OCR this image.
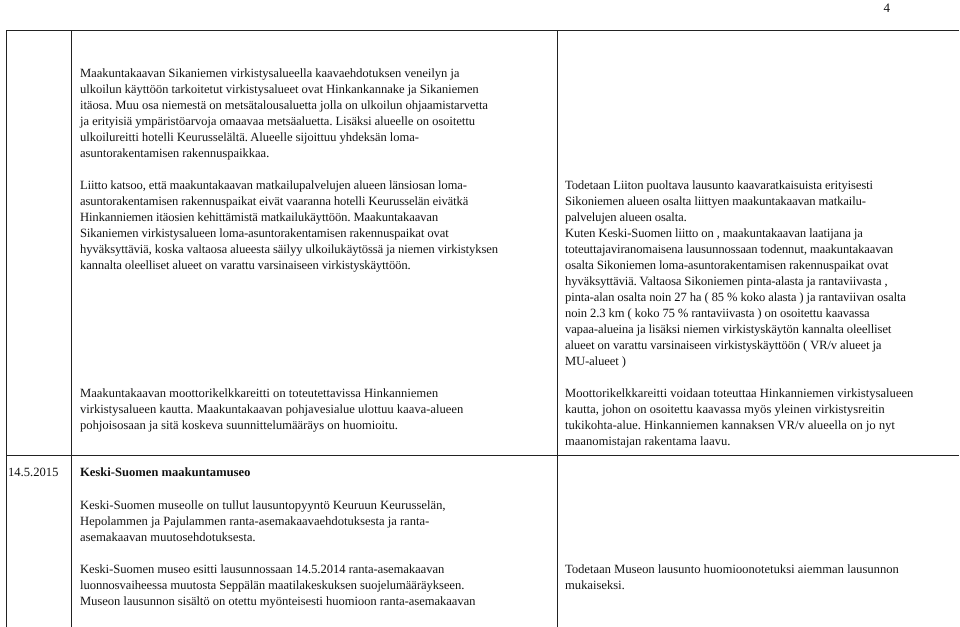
4

Maakuntakaavan Sikaniemen virkistysalueella kaavaehdotuksen veneilyn ja
ulkoilun käyttöön tarkoitetut virkistysalueet ovat Hinkankannake ja Sikaniemen
itäosa. Muu osa niemestä on metsätalousaluetta jolla on ulkoilun ohjaamistarvetta
ja erityisiä ympäristöarvoja omaavaa metsäaluetta. Lisäksi alueelle on osoitettu
ulkoilureitti hotelli Keurusselältä. Alueelle sijoittuu yhdeksän loma-
asuntorakentamisen rakennuspaikkaa.

Liitto katsoo, että maakuntakaavan matkailupalvelujen alueen länsiosan loma-
asuntorakentamisen rakennuspaikat eivät vaaranna hotelli Keurusselän eivätkä
Hinkanniemen itäosien kehittämistä matkailukäyttöön. Maakuntakaavan
Sikaniemen virkistysalueen loma-asuntorakentamisen rakennuspaikat ovat
hyväksyttäviä, koska valtaosa alueesta säilyy ulkoilukäytössä ja niemen virkistyksen
kannalta oleelliset alueet on varattu varsinaiseen virkistyskäyttöön.

Maakuntakaavan moottorikelkkareitti on toteutettavissa Hinkanniemen
virkistysalueen kautta. Maakuntakaavan pohjavesialue ulottuu kaava-alueen
pohjoisosaan ja sitä koskeva suunnittelumääräys on huomioitu.

Todetaan Liiton puoltava lausunto kaavaratkaisuista erityisesti
Sikoniemen alueen osalta liittyen maakuntakaavan matkailu-
palvelujen alueen osalta.
Kuten Keski-Suomen liitto on , maakuntakaavan laatijana ja
toteuttajaviranomaisena lausunnossaan todennut, maakuntakaavan
osalta Sikoniemen loma-asuntorakentamisen rakennuspaikat ovat
hyväksyttäviä. Valtaosa Sikoniemen pinta-alasta ja rantaviivasta ,
pinta-alan osalta noin 27 ha ( 85 % koko alasta ) ja rantaviivan osalta
noin 2.3 km ( koko 75 % rantaviivasta ) on osoitettu kaavassa
vapaa-alueina ja lisäksi niemen virkistyskäytön kannalta oleelliset
alueet on varattu varsinaiseen virkistyskäyttöön ( VR/v alueet ja
MU-alueet )

Moottorikelkkareitti voidaan toteuttaa Hinkanniemen virkistysalueen
kautta, johon on osoitettu kaavassa myös yleinen virkistysreitin
tukikohta-alue. Hinkanniemen kannaksen VR/v alueella on jo nyt
maanomistajan rakentama laavu.

14.5.2015	Keski-Suomen maakuntamuseo

Keski-Suomen museolle on tullut lausuntopyyntö Keuruun Keurusselän,
Hepolammen ja Pajulammen ranta-asemakaavaehdotuksesta ja ranta-
asemakaavan muutosehdotuksesta.

Keski-Suomen museo esitti lausunnossaan 14.5.2014 ranta-asemakaavan
luonnosvaiheessa muutosta Seppälän maatilakeskuksen suojelumääräykseen.
Museon lausunnon sisältö on otettu myönteisesti huomioon ranta-asemakaavan

Todetaan Museon lausunto huomioonotetuksi aiemman lausunnon
mukaiseksi.
